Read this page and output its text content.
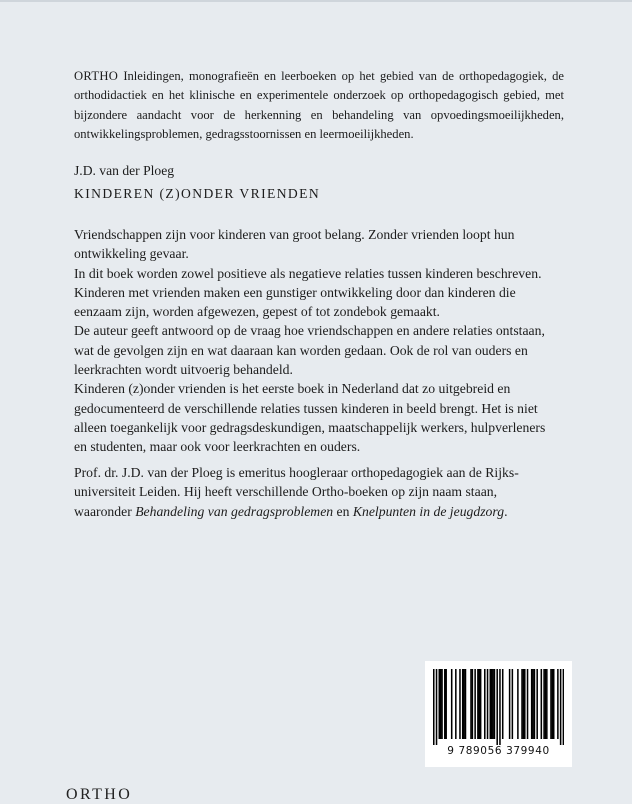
ORTHO Inleidingen, monografieën en leerboeken op het gebied van de orthopedagogiek, de orthodidactiek en het klinische en experimentele onderzoek op orthopedagogisch gebied, met bijzondere aandacht voor de herkenning en behandeling van opvoedingsmoeilijkheden, ontwikkelingsproblemen, gedragsstoornissen en leermoeilijkheden.
J.D. van der Ploeg
KINDEREN (Z)ONDER VRIENDEN

Vriendschappen zijn voor kinderen van groot belang. Zonder vrienden loopt hun ontwikkeling gevaar.

In dit boek worden zowel positieve als negatieve relaties tussen kinderen beschreven. Kinderen met vrienden maken een gunstiger ontwikkeling door dan kinderen die eenzaam zijn, worden afgewezen, gepest of tot zondebok gemaakt.

De auteur geeft antwoord op de vraag hoe vriendschappen en andere relaties ontstaan, wat de gevolgen zijn en wat daaraan kan worden gedaan. Ook de rol van ouders en leerkrachten wordt uitvoerig behandeld.

Kinderen (z)onder vrienden is het eerste boek in Nederland dat zo uitgebreid en gedocumenteerd de verschillende relaties tussen kinderen in beeld brengt. Het is niet alleen toegankelijk voor gedragsdeskundigen, maatschappelijk werkers, hulpverleners en studenten, maar ook voor leerkrachten en ouders.

Prof. dr. J.D. van der Ploeg is emeritus hoogleraar orthopedagogiek aan de Rijksuniversiteit Leiden. Hij heeft verschillende Ortho-boeken op zijn naam staan, waaronder Behandeling van gedragsproblemen en Knelpunten in de jeugdzorg.

9 789056 379940
ORTHO
